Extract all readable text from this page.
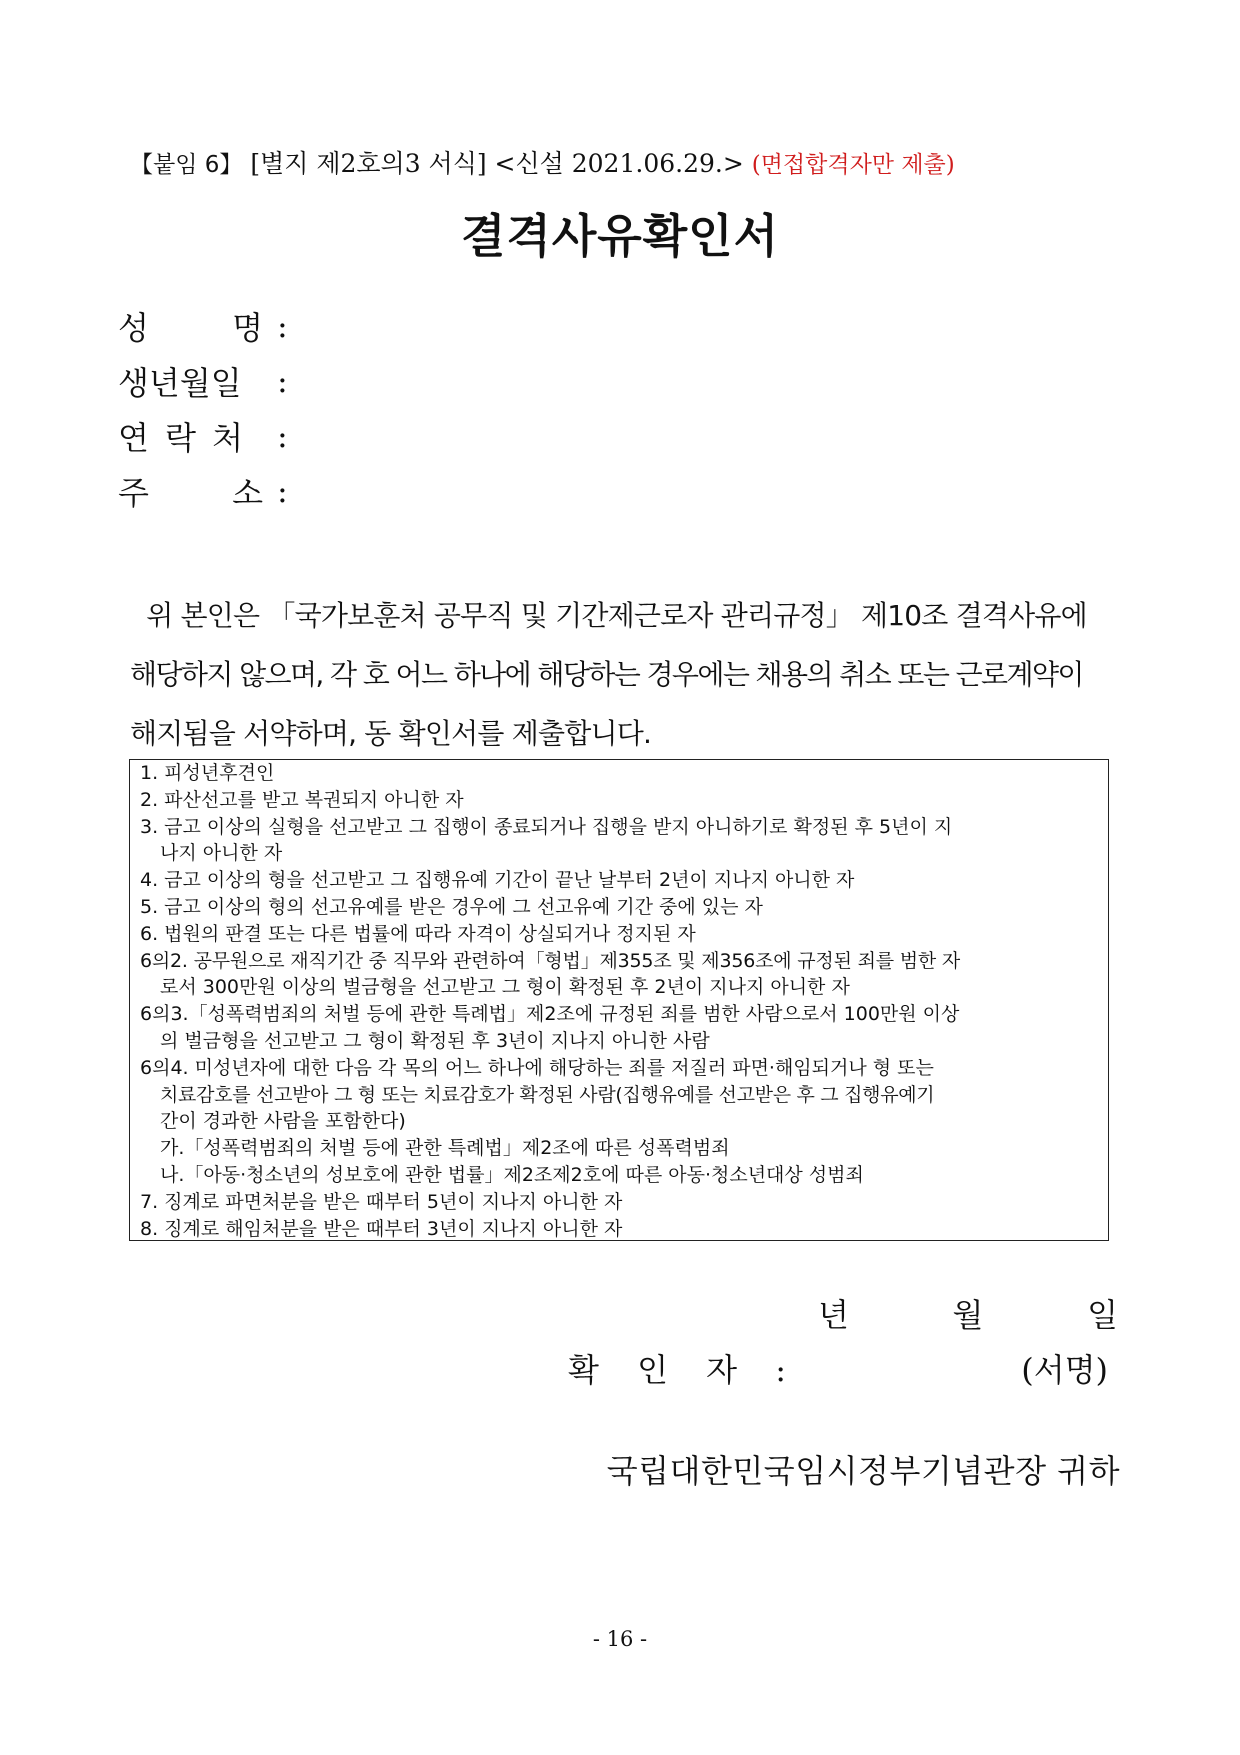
【붙임 6】 [별지 제2호의3 서식] <신설 2021.06.29.> (면접합격자만 제출)
결격사유확인서
성	명 :
생년월일 :
연 락 처 :
주	소 :
위 본인은 「국가보훈처 공무직 및 기간제근로자 관리규정」 제10조 결격사유에
해당하지 않으며, 각 호 어느 하나에 해당하는 경우에는 채용의 취소 또는 근로계약이
해지됨을 서약하며, 동 확인서를 제출합니다.
1. 피성년후견인
2. 파산선고를 받고 복권되지 아니한 자
3. 금고 이상의 실형을 선고받고 그 집행이 종료되거나 집행을 받지 아니하기로 확정된 후 5년이 지
나지 아니한 자
4. 금고 이상의 형을 선고받고 그 집행유예 기간이 끝난 날부터 2년이 지나지 아니한 자
5. 금고 이상의 형의 선고유예를 받은 경우에 그 선고유예 기간 중에 있는 자
6. 법원의 판결 또는 다른 법률에 따라 자격이 상실되거나 정지된 자
6의2. 공무원으로 재직기간 중 직무와 관련하여「형법」제355조 및 제356조에 규정된 죄를 범한 자
로서 300만원 이상의 벌금형을 선고받고 그 형이 확정된 후 2년이 지나지 아니한 자
6의3.「성폭력범죄의 처벌 등에 관한 특례법」제2조에 규정된 죄를 범한 사람으로서 100만원 이상
의 벌금형을 선고받고 그 형이 확정된 후 3년이 지나지 아니한 사람
6의4. 미성년자에 대한 다음 각 목의 어느 하나에 해당하는 죄를 저질러 파면·해임되거나 형 또는
치료감호를 선고받아 그 형 또는 치료감호가 확정된 사람(집행유예를 선고받은 후 그 집행유예기
간이 경과한 사람을 포함한다)
가.「성폭력범죄의 처벌 등에 관한 특례법」제2조에 따른 성폭력범죄
나.「아동·청소년의 성보호에 관한 법률」제2조제2호에 따른 아동·청소년대상 성범죄
7. 징계로 파면처분을 받은 때부터 5년이 지나지 아니한 자
8. 징계로 해임처분을 받은 때부터 3년이 지나지 아니한 자
년	월	일
확 인 자 :	(서명)
국립대한민국임시정부기념관장 귀하
- 16 -
